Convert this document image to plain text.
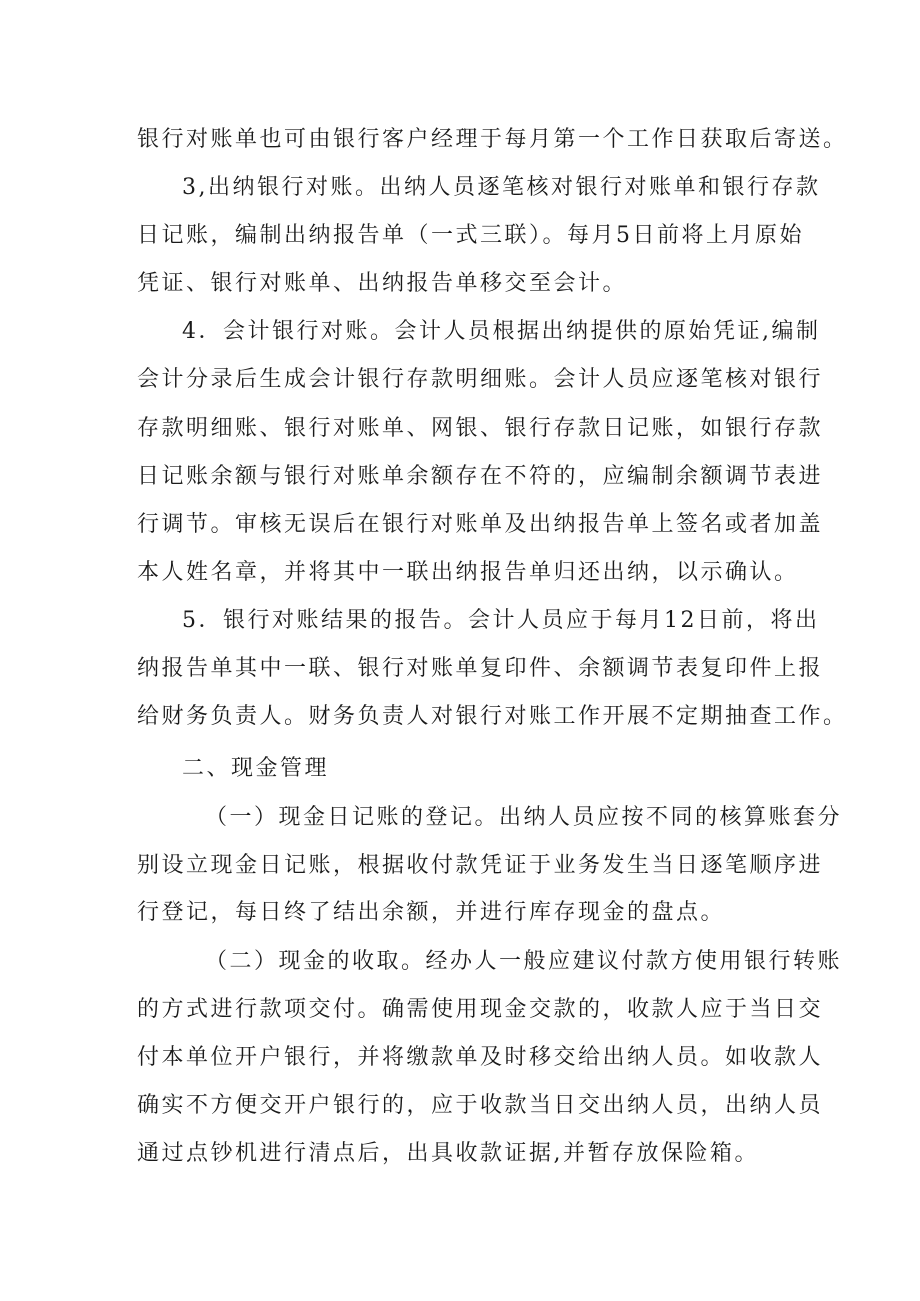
银行对账单也可由银行客户经理于每月第一个工作日获取后寄送。
3,出纳银行对账。出纳人员逐笔核对银行对账单和银行存款
日记账，编制出纳报告单（一式三联）。每月5日前将上月原始
凭证、银行对账单、出纳报告单移交至会计。
4．会计银行对账。会计人员根据出纳提供的原始凭证,编制
会计分录后生成会计银行存款明细账。会计人员应逐笔核对银行
存款明细账、银行对账单、网银、银行存款日记账，如银行存款
日记账余额与银行对账单余额存在不符的，应编制余额调节表进
行调节。审核无误后在银行对账单及出纳报告单上签名或者加盖
本人姓名章，并将其中一联出纳报告单归还出纳，以示确认。
5．银行对账结果的报告。会计人员应于每月12日前，将出
纳报告单其中一联、银行对账单复印件、余额调节表复印件上报
给财务负责人。财务负责人对银行对账工作开展不定期抽查工作。
二、现金管理
（一）现金日记账的登记。出纳人员应按不同的核算账套分
别设立现金日记账，根据收付款凭证于业务发生当日逐笔顺序进
行登记，每日终了结出余额，并进行库存现金的盘点。
（二）现金的收取。经办人一般应建议付款方使用银行转账
的方式进行款项交付。确需使用现金交款的，收款人应于当日交
付本单位开户银行，并将缴款单及时移交给出纳人员。如收款人
确实不方便交开户银行的，应于收款当日交出纳人员，出纳人员
通过点钞机进行清点后，出具收款证据,并暂存放保险箱。
